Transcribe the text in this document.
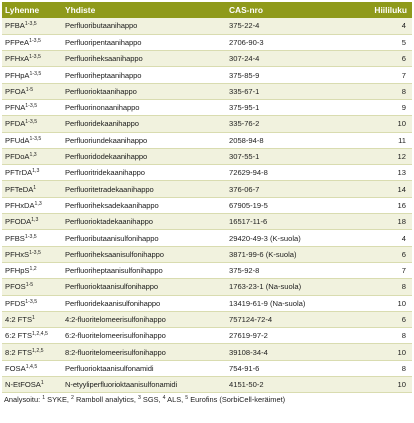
Lyhenne	Yhdiste	CAS-nro	Hiililuku
PFBA$^{1-3,5}$	Perfluoributaanihappo	375-22-4	4
PFPeA$^{1-3,5}$	Perfluoripentaanihappo	2706-90-3	5
PFHxA$^{1-3,5}$	Perfluoriheksaanihappo	307-24-4	6
PFHpA$^{1-3,5}$	Perfluoriheptaanihappo	375-85-9	7
PFOA$^{1-5}$	Perfluorioktaanihappo	335-67-1	8
PFNA$^{1-3,5}$	Perfluorinonaanihappo	375-95-1	9
PFDA$^{1-3,5}$	Perfluoridekaanihappo	335-76-2	10
PFUdA$^{1-3,5}$	Perfluoriundekaanihappo	2058-94-8	11
PFDoA$^{1,3}$	Perfluoridodekaanihappo	307-55-1	12
PFTrDA$^{1,3}$	Perfluoritridekaanihappo	72629-94-8	13
PFTeDA$^1$	Perfluoritetradekaanihappo	376-06-7	14
PFHxDA$^{1,3}$	Perfluoriheksadekaanihappo	67905-19-5	16
PFODA$^{1,3}$	Perfluorioktadekaanihappo	16517-11-6	18
PFBS$^{1-3,5}$	Perfluoributaanisulfonihappo	29420-49-3 (K-suola)	4
PFHxS$^{1-3,5}$	Perfluoriheksaanisulfonihappo	3871-99-6 (K-suola)	6
PFHpS$^{1,2}$	Perfluoriheptaanisulfonihappo	375-92-8	7
PFOS$^{1-5}$	Perfluorioktaanisulfonihappo	1763-23-1 (Na-suola)	8
PFDS$^{1-3,5}$	Perfluoridekaanisulfonihappo	13419-61-9 (Na-suola)	10
4:2 FTS$^1$	4:2-fluoritelomeerisulfonihappo	757124-72-4	6
6:2 FTS$^{1,2,4,5}$	6:2-fluoritelomeerisulfonihappo	27619-97-2	8
8:2 FTS$^{1,2,5}$	8:2-fluoritelomeerisulfonihappo	39108-34-4	10
FOSA$^{1,4,5}$	Perfluorioktaanisulfonamidi	754-91-6	8
N-EtFOSA$^1$	N-etyyliperfluorioktaanisulfonamidi	4151-50-2	10
Analysoitu: $^1$ SYKE, $^2$ Ramboll analytics, $^3$ SGS, $^4$ ALS, $^5$ Eurofins (SorbiCell-keräimet)
